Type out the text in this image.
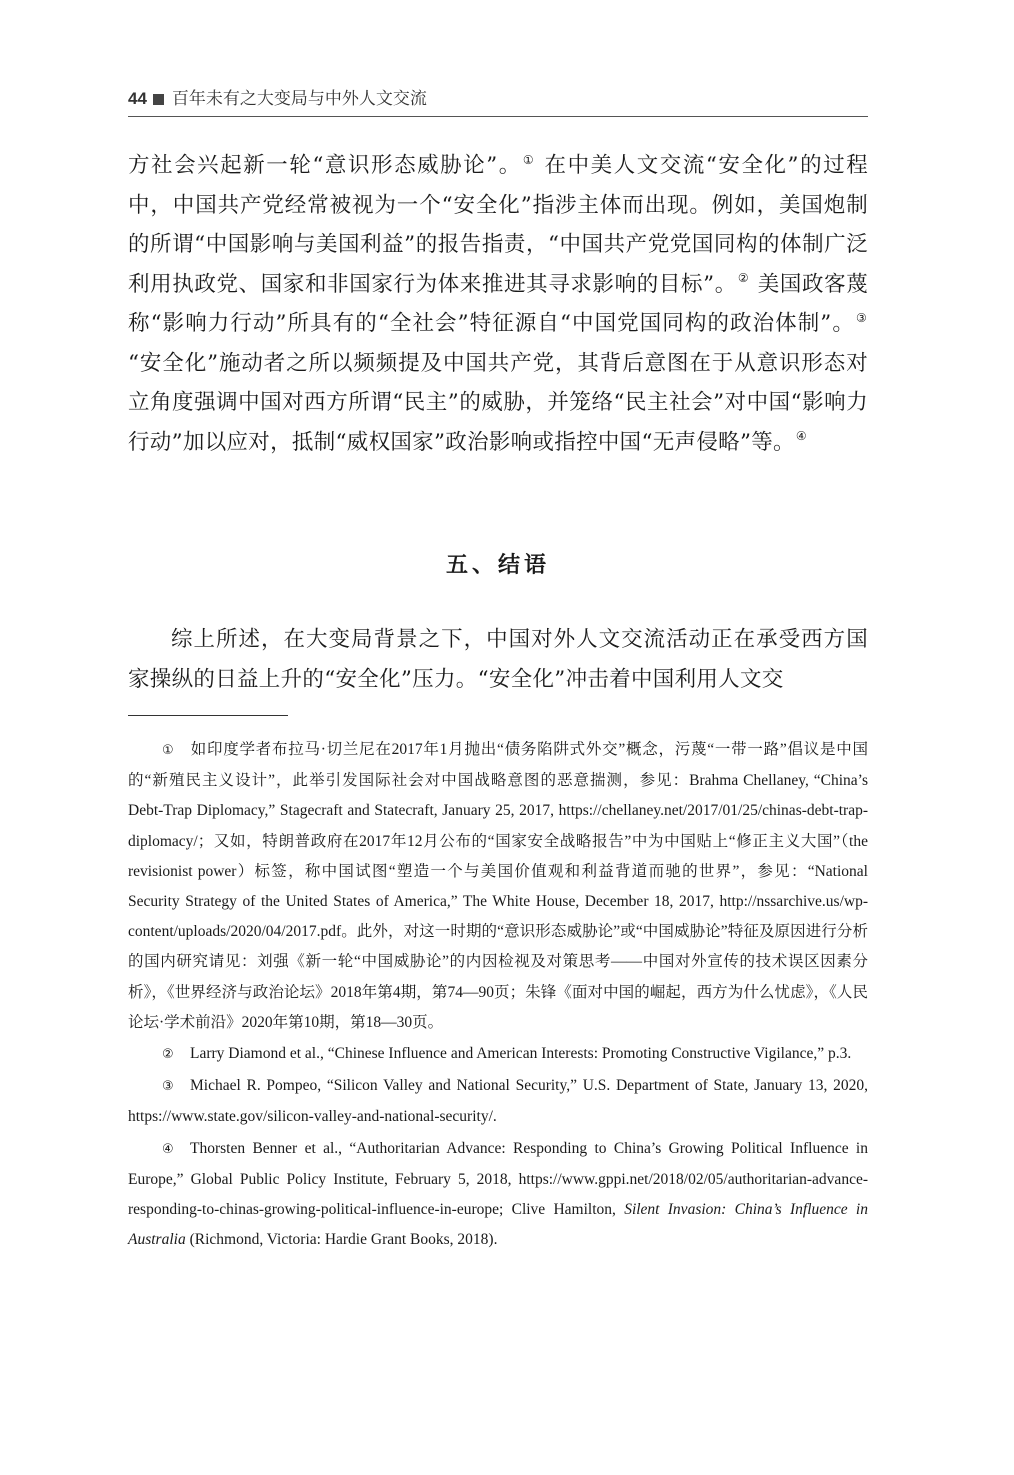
44 百年未有之大变局与中外人文交流

方社会兴起新一轮“意识形态威胁论”。① 在中美人文交流“安全化”的过程中，中国共产党经常被视为一个“安全化”指涉主体而出现。例如，美国炮制的所谓“中国影响与美国利益”的报告指责，“中国共产党党国同构的体制广泛利用执政党、国家和非国家行为体来推进其寻求影响的目标”。② 美国政客蔑称“影响力行动”所具有的“全社会”特征源自“中国党国同构的政治体制”。③ “安全化”施动者之所以频频提及中国共产党，其背后意图在于从意识形态对立角度强调中国对西方所谓“民主”的威胁，并笼络“民主社会”对中国“影响力行动”加以应对，抵制“威权国家”政治影响或指控中国“无声侵略”等。④

五、结语

综上所述，在大变局背景之下，中国对外人文交流活动正在承受西方国家操纵的日益上升的“安全化”压力。“安全化”冲击着中国利用人文交

① 如印度学者布拉马·切兰尼在2017年1月抛出“债务陷阱式外交”概念，污蔑“一带一路”倡议是中国的“新殖民主义设计”，此举引发国际社会对中国战略意图的恶意揣测，参见：Brahma Chellaney, “China’s Debt-Trap Diplomacy,” Stagecraft and Statecraft, January 25, 2017, https://chellaney.net/2017/01/25/chinas-debt-trap-diplomacy/；又如，特朗普政府在2017年12月公布的“国家安全战略报告”中为中国贴上“修正主义大国”（the revisionist power）标签，称中国试图“塑造一个与美国价值观和利益背道而驰的世界”，参见：“National Security Strategy of the United States of America,” The White House, December 18, 2017, http://nssarchive.us/wp-content/uploads/2020/04/2017.pdf。此外，对这一时期的“意识形态威胁论”或“中国威胁论”特征及原因进行分析的国内研究请见：刘强《新一轮“中国威胁论”的内因检视及对策思考——中国对外宣传的技术误区因素分析》，《世界经济与政治论坛》2018年第4期，第74—90页；朱锋《面对中国的崛起，西方为什么忧虑》，《人民论坛·学术前沿》2020年第10期，第18—30页。

② Larry Diamond et al., “Chinese Influence and American Interests: Promoting Constructive Vigilance,” p.3.

③ Michael R. Pompeo, “Silicon Valley and National Security,” U.S. Department of State, January 13, 2020, https://www.state.gov/silicon-valley-and-national-security/.

④ Thorsten Benner et al., “Authoritarian Advance: Responding to China’s Growing Political Influence in Europe,” Global Public Policy Institute, February 5, 2018, https://www.gppi.net/2018/02/05/authoritarian-advance-responding-to-chinas-growing-political-influence-in-europe; Clive Hamilton, Silent Invasion: China’s Influence in Australia (Richmond, Victoria: Hardie Grant Books, 2018).
